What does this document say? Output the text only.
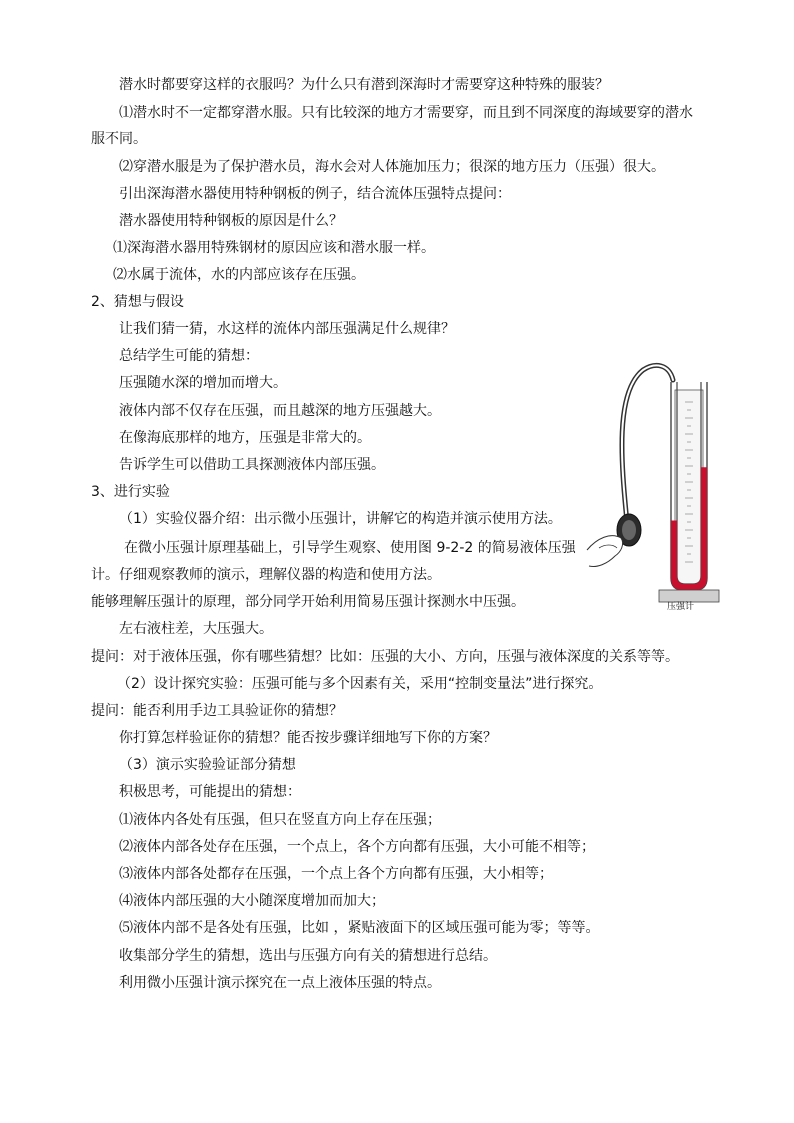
潜水时都要穿这样的衣服吗？为什么只有潜到深海时才需要穿这种特殊的服装？
⑴潜水时不一定都穿潜水服。只有比较深的地方才需要穿，而且到不同深度的海域要穿的潜水
服不同。
⑵穿潜水服是为了保护潜水员，海水会对人体施加压力；很深的地方压力（压强）很大。
引出深海潜水器使用特种钢板的例子，结合流体压强特点提问：
潜水器使用特种钢板的原因是什么？
⑴深海潜水器用特殊钢材的原因应该和潜水服一样。
⑵水属于流体，水的内部应该存在压强。
2、猜想与假设
让我们猜一猜，水这样的流体内部压强满足什么规律？
总结学生可能的猜想：
压强随水深的增加而增大。
液体内部不仅存在压强，而且越深的地方压强越大。
在像海底那样的地方，压强是非常大的。
告诉学生可以借助工具探测液体内部压强。
3、进行实验
（1）实验仪器介绍：出示微小压强计，讲解它的构造并演示使用方法。
在微小压强计原理基础上，引导学生观察、使用图 9-2-2 的简易液体压强
计。仔细观察教师的演示，理解仪器的构造和使用方法。
能够理解压强计的原理，部分同学开始利用简易压强计探测水中压强。
左右液柱差，大压强大。
提问：对于液体压强，你有哪些猜想？比如：压强的大小、方向，压强与液体深度的关系等等。
（2）设计探究实验：压强可能与多个因素有关，采用“控制变量法”进行探究。
提问：能否利用手边工具验证你的猜想？
你打算怎样验证你的猜想？能否按步骤详细地写下你的方案？
（3）演示实验验证部分猜想
积极思考，可能提出的猜想：
⑴液体内各处有压强，但只在竖直方向上存在压强；
⑵液体内部各处存在压强，一个点上，各个方向都有压强，大小可能不相等；
⑶液体内部各处都存在压强，一个点上各个方向都有压强，大小相等；
⑷液体内部压强的大小随深度增加而加大；
⑸液体内部不是各处有压强，比如 ，紧贴液面下的区域压强可能为零；等等。
收集部分学生的猜想，选出与压强方向有关的猜想进行总结。
利用微小压强计演示探究在一点上液体压强的特点。
压强计
